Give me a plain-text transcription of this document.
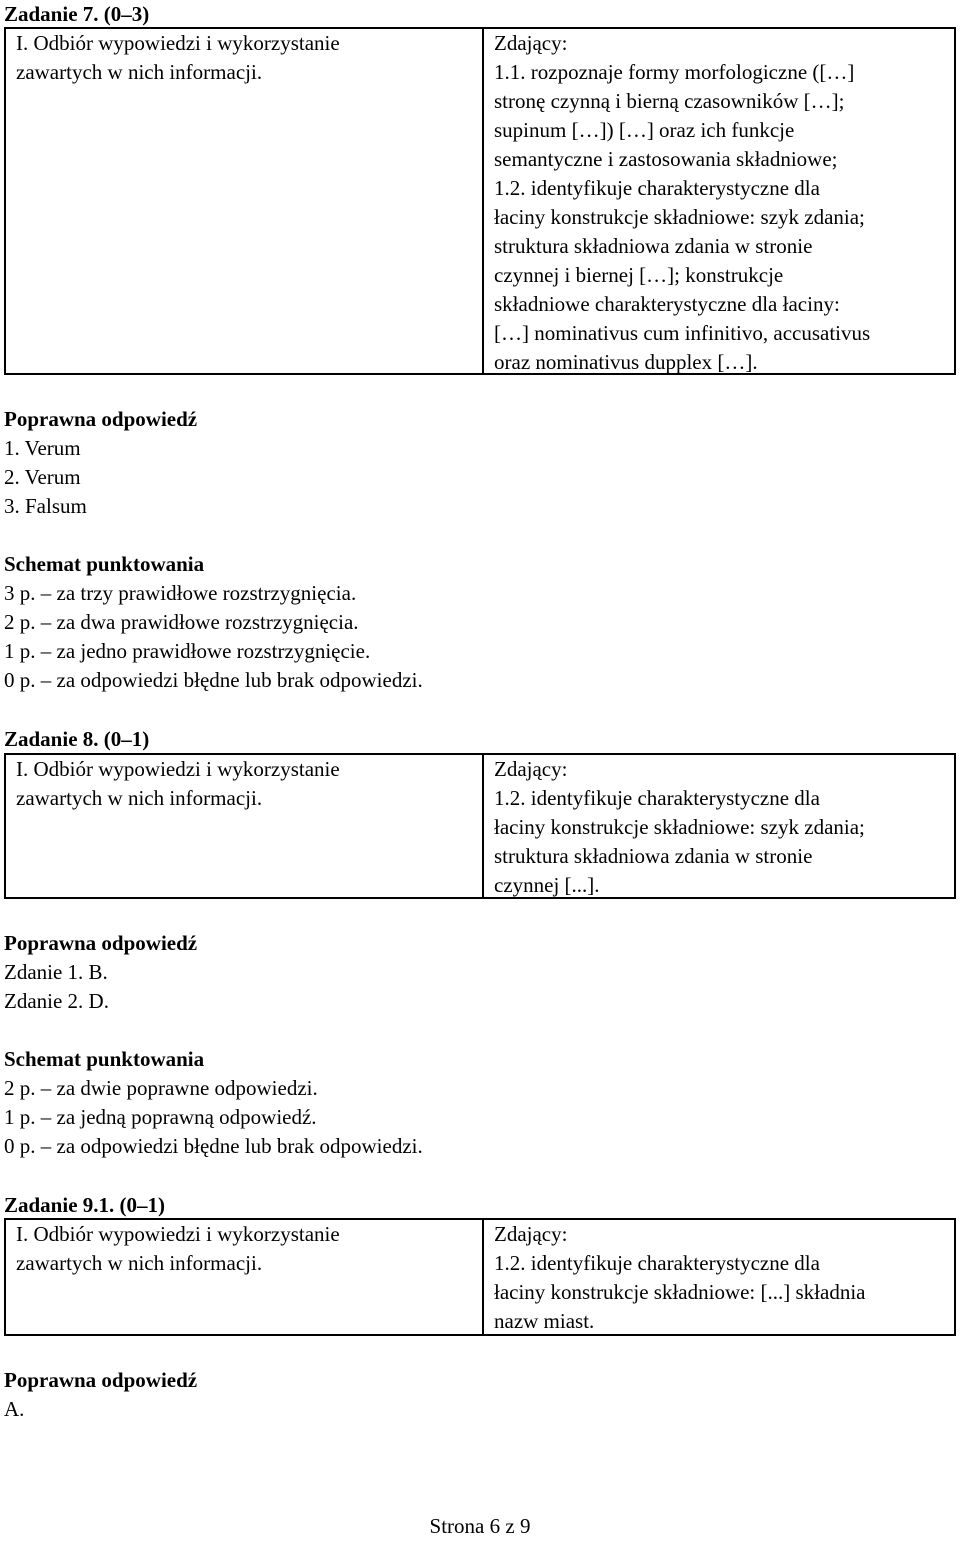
Zadanie 7. (0–3)

I. Odbiór wypowiedzi i wykorzystanie

zawartych w nich informacji.

Zdający:

1.1. rozpoznaje formy morfologiczne ([…]

stronę czynną i bierną czasowników […];

supinum […]) […] oraz ich funkcje

semantyczne i zastosowania składniowe;

1.2. identyfikuje charakterystyczne dla

łaciny konstrukcje składniowe: szyk zdania;

struktura składniowa zdania w stronie

czynnej i biernej […]; konstrukcje

składniowe charakterystyczne dla łaciny:

[…] nominativus cum infinitivo, accusativus

oraz nominativus dupplex […].

Poprawna odpowiedź

1. Verum

2. Verum

3. Falsum

Schemat punktowania

3 p. – za trzy prawidłowe rozstrzygnięcia.

2 p. – za dwa prawidłowe rozstrzygnięcia.

1 p. – za jedno prawidłowe rozstrzygnięcie.

0 p. – za odpowiedzi błędne lub brak odpowiedzi.

Zadanie 8. (0–1)

I. Odbiór wypowiedzi i wykorzystanie

zawartych w nich informacji.

Zdający:

1.2. identyfikuje charakterystyczne dla

łaciny konstrukcje składniowe: szyk zdania;

struktura składniowa zdania w stronie

czynnej [...].

Poprawna odpowiedź

Zdanie 1. B.

Zdanie 2. D.

Schemat punktowania

2 p. – za dwie poprawne odpowiedzi.

1 p. – za jedną poprawną odpowiedź.

0 p. – za odpowiedzi błędne lub brak odpowiedzi.

Zadanie 9.1. (0–1)

I. Odbiór wypowiedzi i wykorzystanie

zawartych w nich informacji.

Zdający:

1.2. identyfikuje charakterystyczne dla

łaciny konstrukcje składniowe: [...] składnia

nazw miast.

Poprawna odpowiedź

A.

Strona 6 z 9
